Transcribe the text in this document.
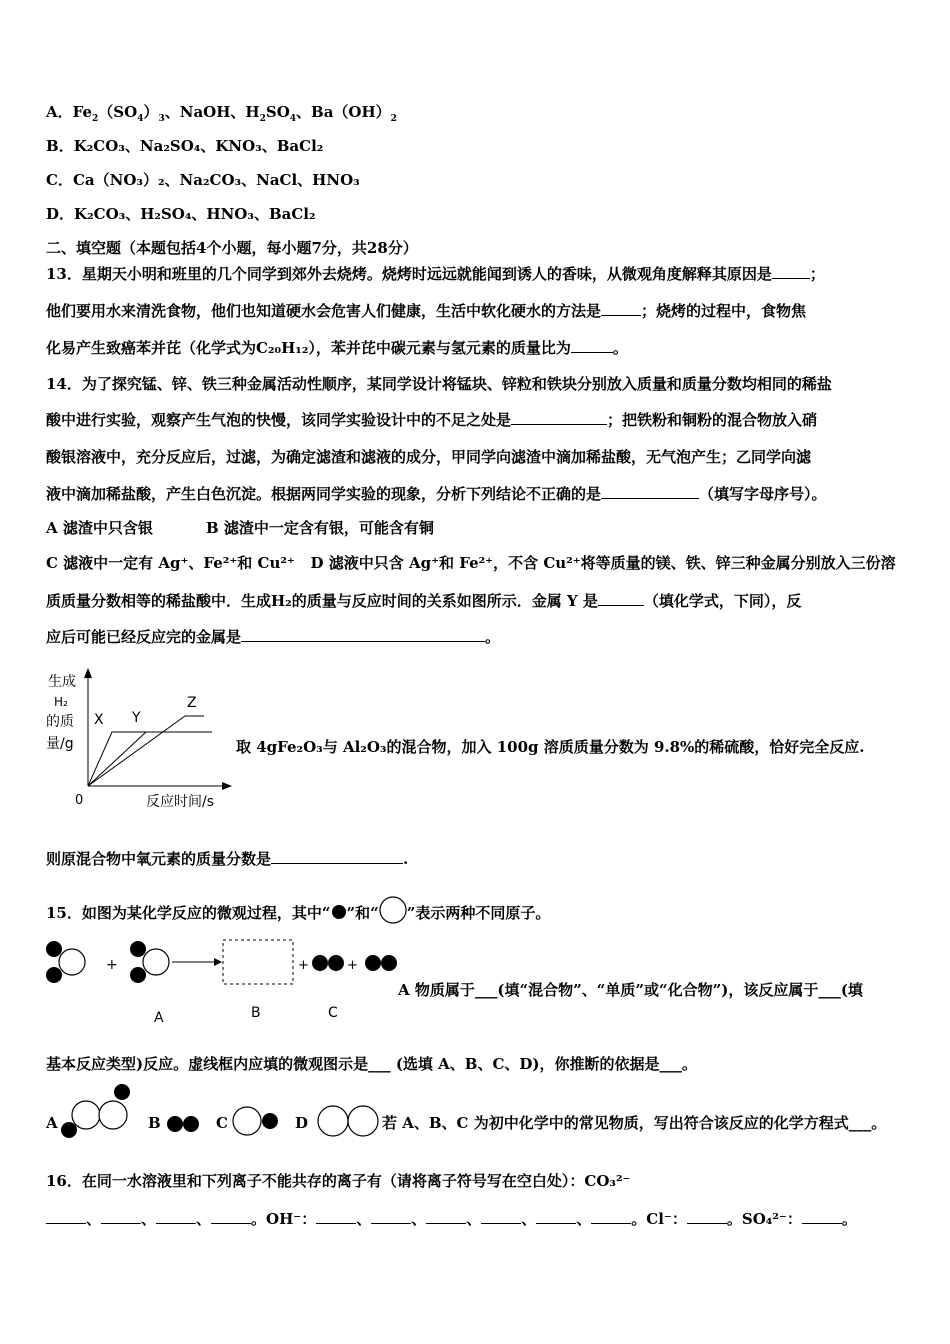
A．$Fe_2(SO_4)_3$、NaOH、$H_2SO_4$、$Ba(OH)_2$
B．K₂CO₃、Na₂SO₄、KNO₃、BaCl₂
C．Ca（NO₃）₂、Na₂CO₃、NaCl、HNO₃
D．K₂CO₃、H₂SO₄、HNO₃、BaCl₂
二、填空题（本题包括4个小题，每小题7分，共28分）
13．星期天小明和班里的几个同学到郊外去烧烤。烧烤时远远就能闻到诱人的香味，从微观角度解释其原因是	；
他们要用水来清洗食物，他们也知道硬水会危害人们健康，生活中软化硬水的方法是	；烧烤的过程中，食物焦
化易产生致癌苯并芘（化学式为C₂₀H₁₂），苯并芘中碳元素与氢元素的质量比为	。
14．为了探究锰、锌、铁三种金属活动性顺序，某同学设计将锰块、锌粒和铁块分别放入质量和质量分数均相同的稀盐
酸中进行实验，观察产生气泡的快慢，该同学实验设计中的不足之处是	；把铁粉和铜粉的混合物放入硝
酸银溶液中，充分反应后，过滤，为确定滤渣和滤液的成分，甲同学向滤渣中滴加稀盐酸，无气泡产生；乙同学向滤
液中滴加稀盐酸，产生白色沉淀。根据两同学实验的现象，分析下列结论不正确的是	（填写字母序号）。
A 滤渣中只含银	B 滤渣中一定含有银，可能含有铜
C 滤液中一定有 Ag⁺、Fe²⁺和 Cu²⁺ D 滤液中只含 Ag⁺和 Fe²⁺，不含 Cu²⁺将等质量的镁、铁、锌三种金属分别放入三份溶
质质量分数相等的稀盐酸中．生成H₂的质量与反应时间的关系如图所示．金属 Y 是	（填化学式，下同），反
应后可能已经反应完的金属是	。
生成
H₂
的质
量/g
0	反应时间/s
X Y
Z
取 4gFe₂O₃与 Al₂O₃的混合物，加入 100g 溶质质量分数为 9.8%的稀硫酸，恰好完全反应.
则原混合物中氧元素的质量分数是	.
15．如图为某化学反应的微观过程，其中“ ”和“ ”表示两种不同原子。
+	+	+
A	B	C
A 物质属于___(填“混合物”、“单质”或“化合物”)，该反应属于___(填
基本反应类型)反应。虚线框内应填的微观图示是___ (选填 A、B、C、D)，你推断的依据是___。
A	B	C	D	若 A、B、C 为初中化学中的常见物质，写出符合该反应的化学方程式___。
16．在同一水溶液里和下列离子不能共存的离子有（请将离子符号写在空白处）：CO₃²⁻
、	、	、	。OH⁻：	、	、	、	、	、	。Cl⁻：	。SO₄²⁻：	。
